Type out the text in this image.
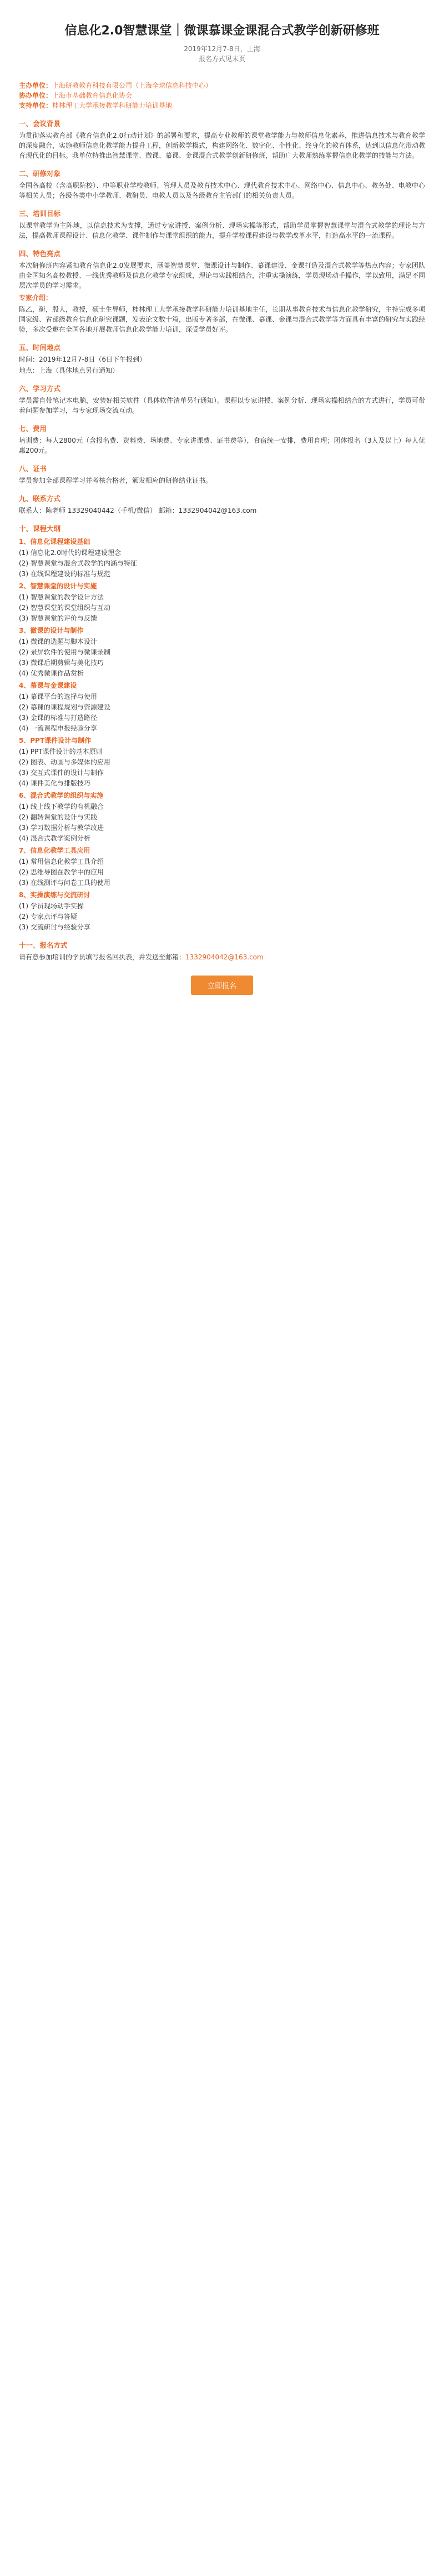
信息化2.0智慧课堂｜微课慕课金课混合式教学创新研修班
2019年12月7-8日，上海
报名方式见末页
主办单位：上海研教教育科技有限公司（上海全球信息科技中心）
协办单位：上海市基础教育信息化协会
支持单位：桂林理工大学承接教学科研能力培训基地
一、会议背景
为贯彻落实教育部《教育信息化2.0行动计划》的部署和要求，提高专业教师的课堂教学能力与教师信息化素养，推进信息技术与教育教学的深度融合，实施教师信息化教学能力提升工程，创新教学模式，构建网络化、数字化、个性化、终身化的教育体系，达到以信息化带动教育现代化的目标。我单位特推出智慧课堂、微课、慕课、金课混合式教学创新研修班，帮助广大教师熟练掌握信息化教学的技能与方法。
二、研修对象
全国各高校（含高职院校）、中等职业学校教师、管理人员及教育技术中心、现代教育技术中心、网络中心、信息中心、教务处、电教中心等相关人员；各级各类中小学教师、教研员、电教人员以及各级教育主管部门的相关负责人员。
三、培训目标
以课堂教学为主阵地，以信息技术为支撑，通过专家讲授、案例分析、现场实操等形式，帮助学员掌握智慧课堂与混合式教学的理论与方法，提高教师课程设计、信息化教学、课件制作与课堂组织的能力，提升学校课程建设与教学改革水平，打造高水平的一流课程。
四、特色亮点
本次研修班内容紧扣教育信息化2.0发展要求，涵盖智慧课堂、微课设计与制作、慕课建设、金课打造及混合式教学等热点内容；专家团队由全国知名高校教授、一线优秀教师及信息化教学专家组成，理论与实践相结合，注重实操演练，学员现场动手操作，学以致用，满足不同层次学员的学习需求。
专家介绍：
陈乙，研，殷人，教授，硕士生导师，桂林理工大学承接教学科研能力培训基地主任，长期从事教育技术与信息化教学研究，主持完成多项国家级、省部级教育信息化研究课题，发表论文数十篇，出版专著多部，在微课、慕课、金课与混合式教学等方面具有丰富的研究与实践经验，多次受邀在全国各地开展教师信息化教学能力培训，深受学员好评。
五、时间地点
时间：2019年12月7-8日（6日下午报到）
地点：上海（具体地点另行通知）
六、学习方式
学员需自带笔记本电脑，安装好相关软件（具体软件清单另行通知）。课程以专家讲授、案例分析、现场实操相结合的方式进行，学员可带着问题参加学习，与专家现场交流互动。
七、费用
培训费：每人2800元（含报名费、资料费、场地费、专家讲课费、证书费等），食宿统一安排，费用自理；团体报名（3人及以上）每人优惠200元。
八、证书
学员参加全部课程学习并考核合格者，颁发相应的研修结业证书。
九、联系方式
联系人：陈老师 13329040442（手机/微信） 邮箱：1332904042@163.com
十、课程大纲
1、信息化课程建设基础
(1) 信息化2.0时代的课程建设理念
(2) 智慧课堂与混合式教学的内涵与特征
(3) 在线课程建设的标准与规范
2、智慧课堂的设计与实施
(1) 智慧课堂的教学设计方法
(2) 智慧课堂的课堂组织与互动
(3) 智慧课堂的评价与反馈
3、微课的设计与制作
(1) 微课的选题与脚本设计
(2) 录屏软件的使用与微课录制
(3) 微课后期剪辑与美化技巧
(4) 优秀微课作品赏析
4、慕课与金课建设
(1) 慕课平台的选择与使用
(2) 慕课的课程规划与资源建设
(3) 金课的标准与打造路径
(4) 一流课程申报经验分享
5、PPT课件设计与制作
(1) PPT课件设计的基本原则
(2) 图表、动画与多媒体的应用
(3) 交互式课件的设计与制作
(4) 课件美化与排版技巧
6、混合式教学的组织与实施
(1) 线上线下教学的有机融合
(2) 翻转课堂的设计与实践
(3) 学习数据分析与教学改进
(4) 混合式教学案例分析
7、信息化教学工具应用
(1) 常用信息化教学工具介绍
(2) 思维导图在教学中的应用
(3) 在线测评与问卷工具的使用
8、实操演练与交流研讨
(1) 学员现场动手实操
(2) 专家点评与答疑
(3) 交流研讨与经验分享
十一、报名方式
请有意参加培训的学员填写报名回执表，并发送至邮箱：1332904042@163.com
立即报名
